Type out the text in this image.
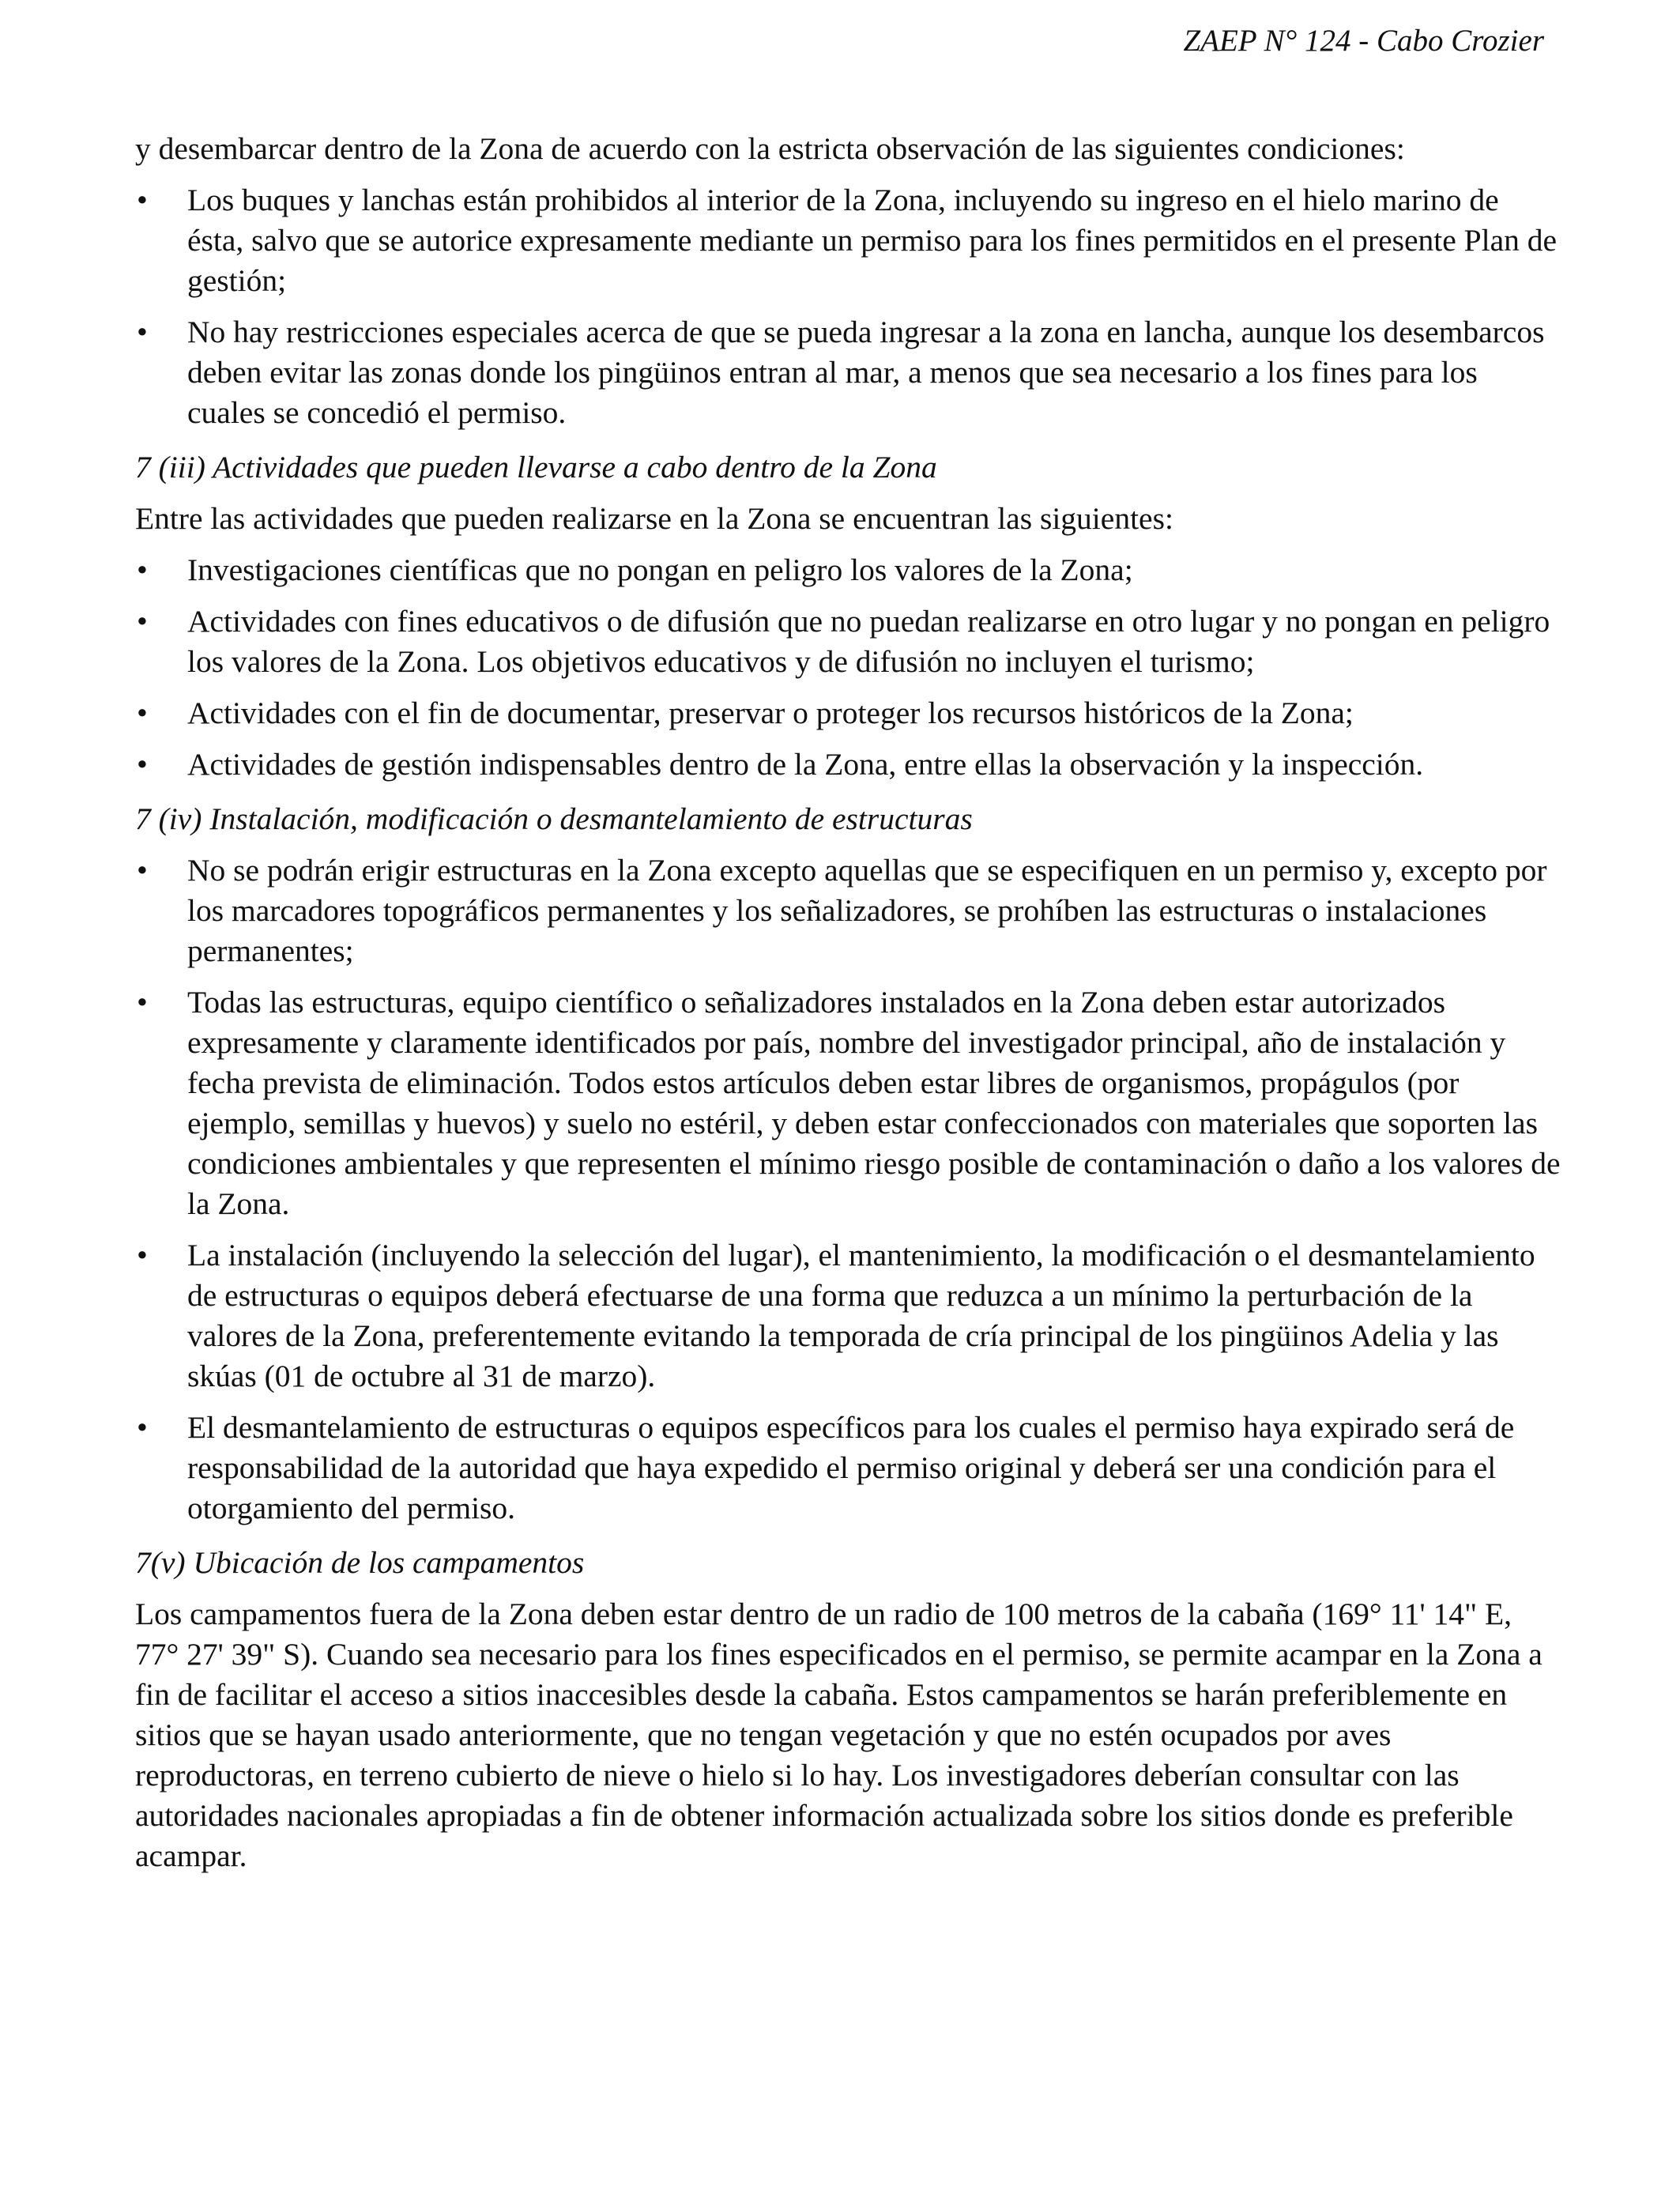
ZAEP N° 124 - Cabo Crozier

y desembarcar dentro de la Zona de acuerdo con la estricta observación de las siguientes condiciones:

•	Los buques y lanchas están prohibidos al interior de la Zona, incluyendo su ingreso en el hielo marino de ésta, salvo que se autorice expresamente mediante un permiso para los fines permitidos en el presente Plan de gestión;
•	No hay restricciones especiales acerca de que se pueda ingresar a la zona en lancha, aunque los desembarcos deben evitar las zonas donde los pingüinos entran al mar, a menos que sea necesario a los fines para los cuales se concedió el permiso.

7 (iii) Actividades que pueden llevarse a cabo dentro de la Zona

Entre las actividades que pueden realizarse en la Zona se encuentran las siguientes:

•	Investigaciones científicas que no pongan en peligro los valores de la Zona;
•	Actividades con fines educativos o de difusión que no puedan realizarse en otro lugar y no pongan en peligro los valores de la Zona. Los objetivos educativos y de difusión no incluyen el turismo;
•	Actividades con el fin de documentar, preservar o proteger los recursos históricos de la Zona;
•	Actividades de gestión indispensables dentro de la Zona, entre ellas la observación y la inspección.

7 (iv) Instalación, modificación o desmantelamiento de estructuras

•	No se podrán erigir estructuras en la Zona excepto aquellas que se especifiquen en un permiso y, excepto por los marcadores topográficos permanentes y los señalizadores, se prohíben las estructuras o instalaciones permanentes;
•	Todas las estructuras, equipo científico o señalizadores instalados en la Zona deben estar autorizados expresamente y claramente identificados por país, nombre del investigador principal, año de instalación y fecha prevista de eliminación. Todos estos artículos deben estar libres de organismos, propágulos (por ejemplo, semillas y huevos) y suelo no estéril, y deben estar confeccionados con materiales que soporten las condiciones ambientales y que representen el mínimo riesgo posible de contaminación o daño a los valores de la Zona.
•	La instalación (incluyendo la selección del lugar), el mantenimiento, la modificación o el desmantelamiento de estructuras o equipos deberá efectuarse de una forma que reduzca a un mínimo la perturbación de la valores de la Zona, preferentemente evitando la temporada de cría principal de los pingüinos Adelia y las skúas (01 de octubre al 31 de marzo).
•	El desmantelamiento de estructuras o equipos específicos para los cuales el permiso haya expirado será de responsabilidad de la autoridad que haya expedido el permiso original y deberá ser una condición para el otorgamiento del permiso.

7(v) Ubicación de los campamentos

Los campamentos fuera de la Zona deben estar dentro de un radio de 100 metros de la cabaña (169° 11' 14" E, 77° 27' 39" S). Cuando sea necesario para los fines especificados en el permiso, se permite acampar en la Zona a fin de facilitar el acceso a sitios inaccesibles desde la cabaña. Estos campamentos se harán preferiblemente en sitios que se hayan usado anteriormente, que no tengan vegetación y que no estén ocupados por aves reproductoras, en terreno cubierto de nieve o hielo si lo hay. Los investigadores deberían consultar con las autoridades nacionales apropiadas a fin de obtener información actualizada sobre los sitios donde es preferible acampar.
